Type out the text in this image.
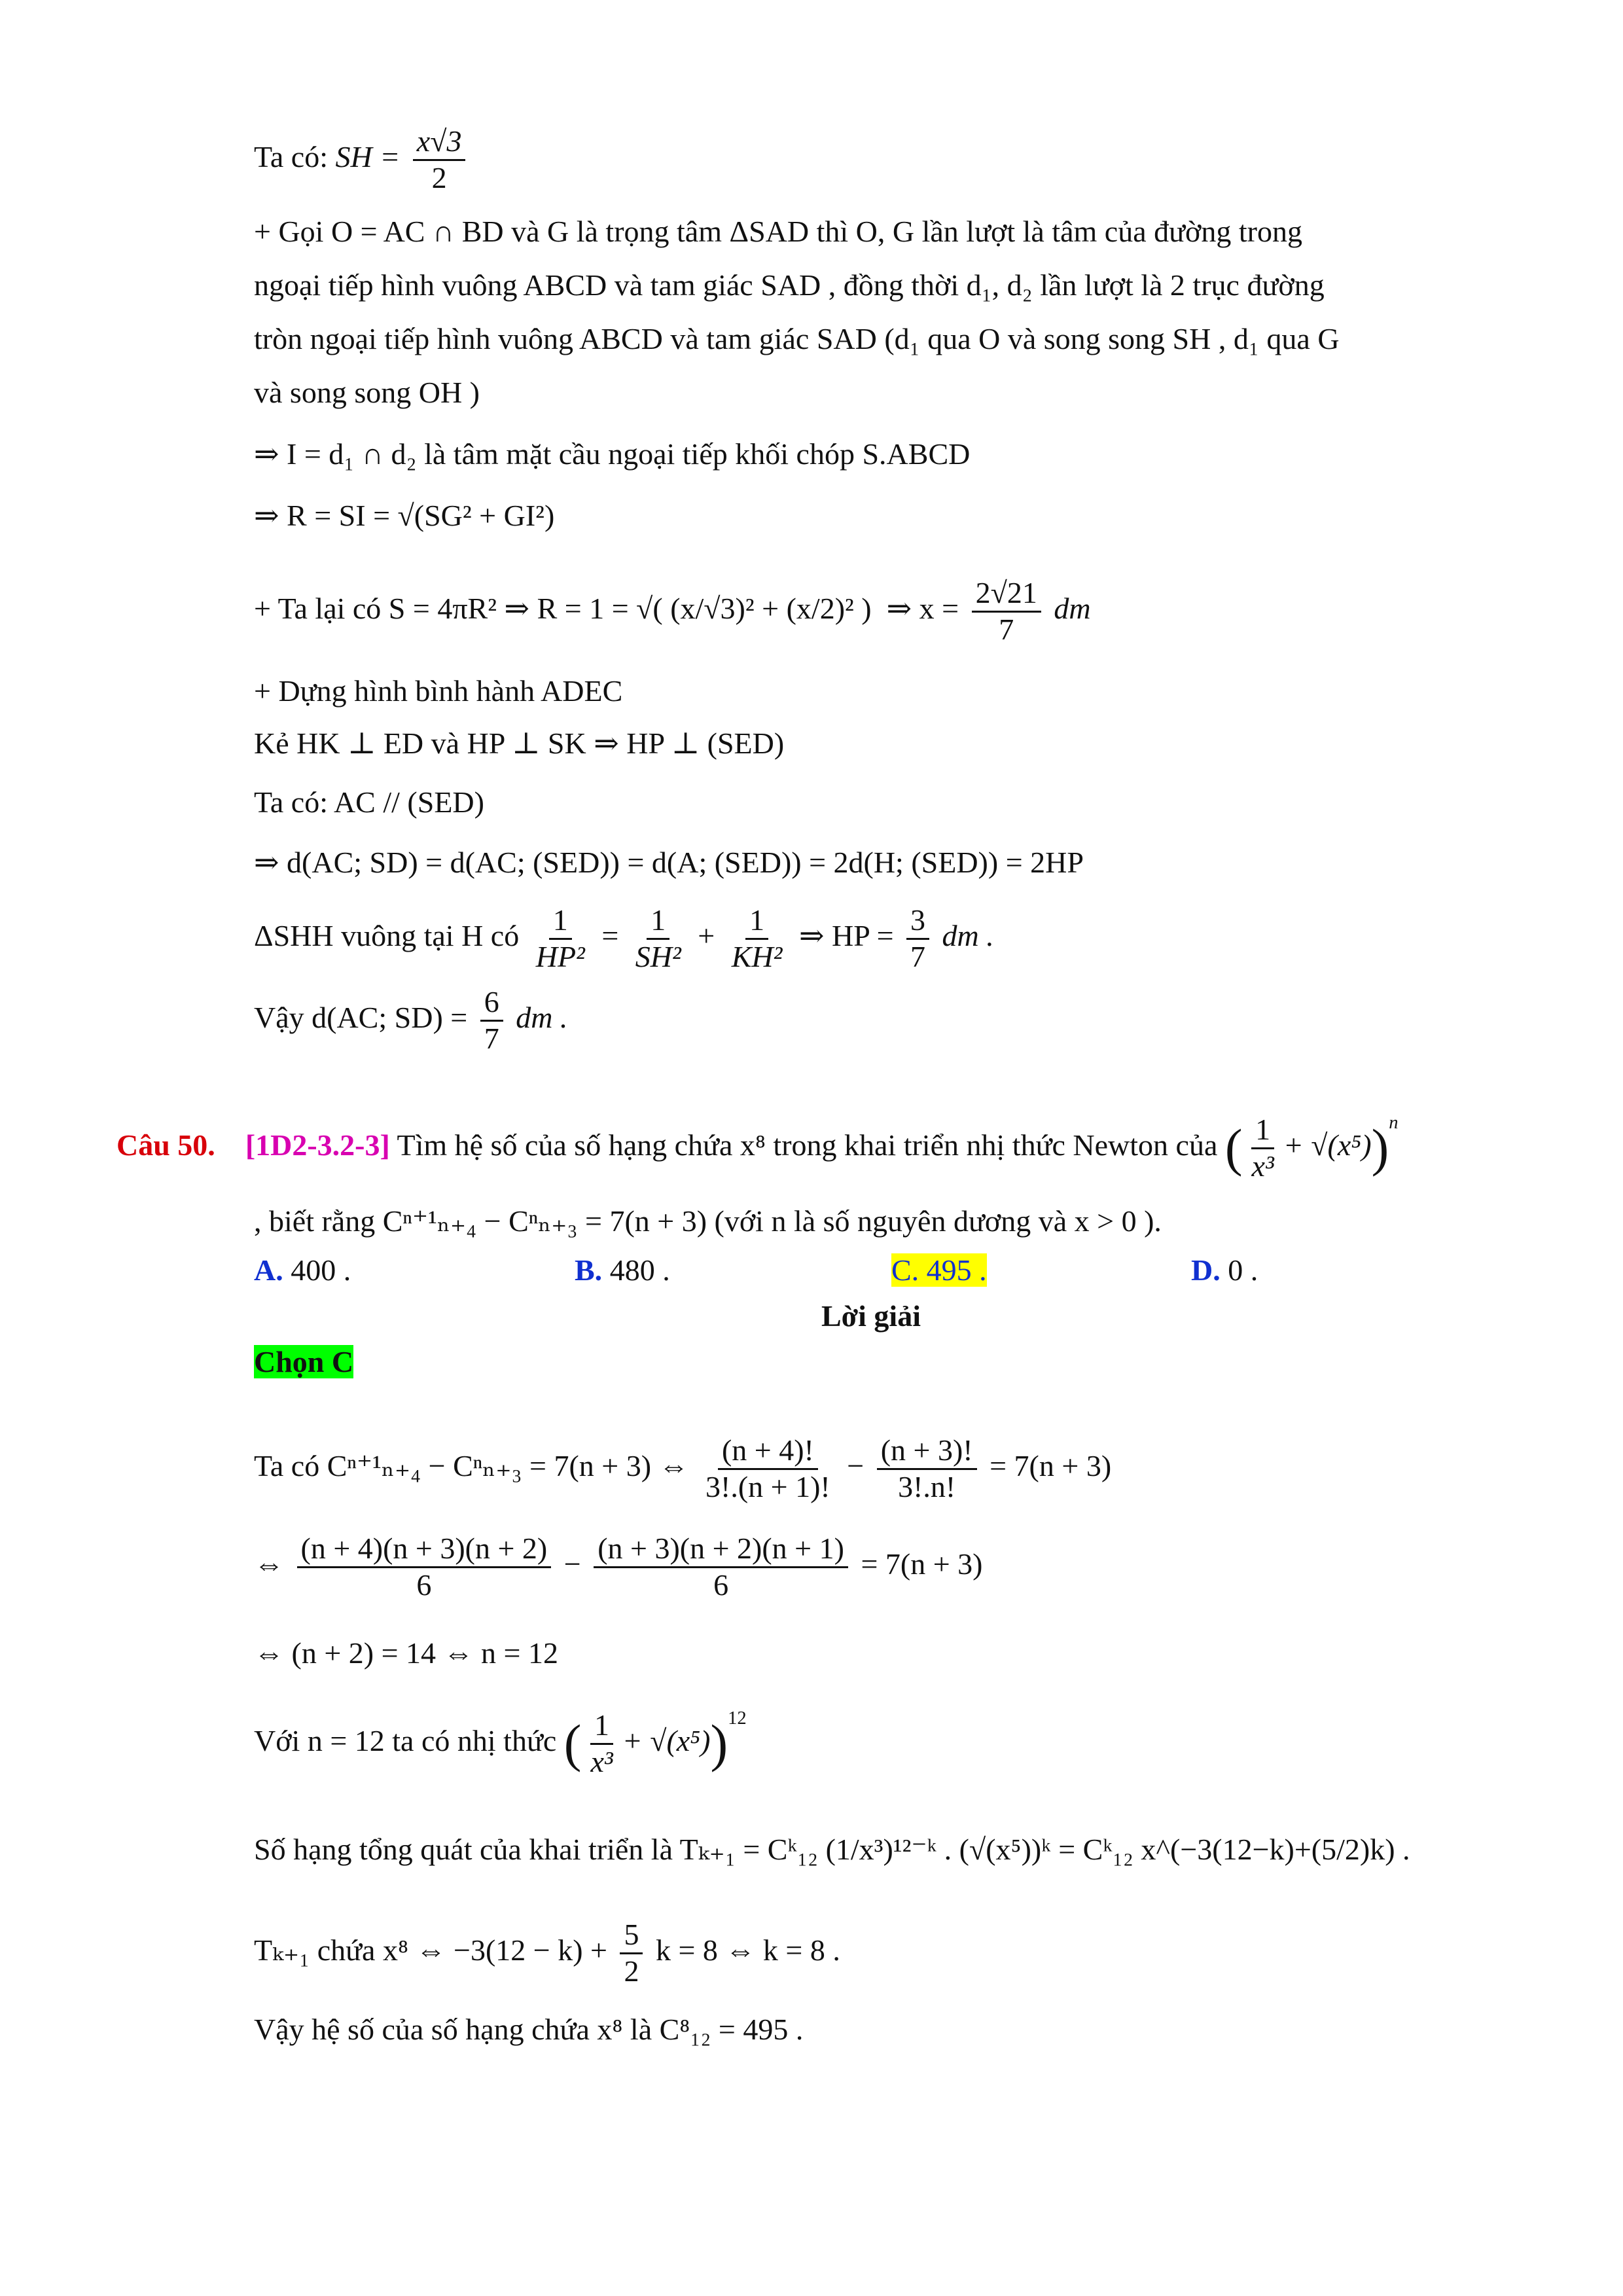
Ta có: SH = $\frac{x√3}{2}$
+ Gọi O = AC ∩ BD và G là trọng tâm ΔSAD thì O, G lần lượt là tâm của đường trong
ngoại tiếp hình vuông ABCD và tam giác SAD , đồng thời d₁, d₂ lần lượt là 2 trục đường
tròn ngoại tiếp hình vuông ABCD và tam giác SAD (d₁ qua O và song song SH , d₁ qua G
và song song OH )
⇒ I = d₁ ∩ d₂ là tâm mặt cầu ngoại tiếp khối chóp S.ABCD
⇒ R = SI = √(SG² + GI²)
+ Ta lại có S = 4πR² ⇒ R = 1 = √( (x/√3)² + (x/2)² ) ⇒ $x = \frac{2√21}{7}$ dm
+ Dựng hình bình hành ADEC
Kẻ HK ⊥ ED và HP ⊥ SK ⇒ HP ⊥ (SED)
Ta có: AC // (SED)
⇒ d(AC; SD) = d(AC; (SED)) = d(A; (SED)) = 2d(H; (SED)) = 2HP
ΔSHH vuông tại H có $\frac{1}{\text{HP²}} = \frac{1}{\text{SH²}} + \frac{1}{\text{KH²}}$ ⇒ HP = $\frac{3}{7}$ dm .
Vậy d(AC; $SD) = \frac{6}{7}$ dm .
Câu 50. [1D2-3.2-3] Tìm hệ số của số hạng chứa x⁸ trong khai triển nhị thức Newton của ( $\frac{1}{\text{x³}} + √(x^5))^n$
, biết rằng Cⁿ⁺¹ₙ₊₄ − Cⁿₙ₊₃ = 7(n + 3) (với n là số nguyên dương và x > 0 ).
A. 400 .	B. 480 .	C. 495 .	D. 0 .
Lời giải
Chọn C
Ta có Cⁿ⁺¹ₙ₊₄ − Cⁿₙ₊₃ = 7(n + 3) ⇔ $\frac{(n + 4)!}{3!.(n + 1)!} - \frac{(n + 3)!}{3!.n!} = 7(n + 3)$
⇔ $\frac{(n + 4)(n + 3)(n + 2)}{6} - \frac{(n + 3)(n + 2)(n + 1)}{6} = 7(n + 3)$
⇔ (n + 2) = 14 ⇔ n = 12
Với n = 12 ta có nhị thức ( $\frac{1}{\text{x³}} + √(x^5))^{12}$
Số hạng tổng quát của khai triển là Tₖ₊₁ = Cᵏ₁₂ (1/x³)¹²⁻ᵏ . (√(x⁵))ᵏ = Cᵏ₁₂ x^(−3(12−k)+(5/2)k) .
Tₖ₊₁ chứa x⁸ ⇔ $-3(12 - k) + \frac{5}{2}$ k = 8 ⇔ k = 8 .
Vậy hệ số của số hạng chứa x⁸ là C⁸₁₂ = 495 .
